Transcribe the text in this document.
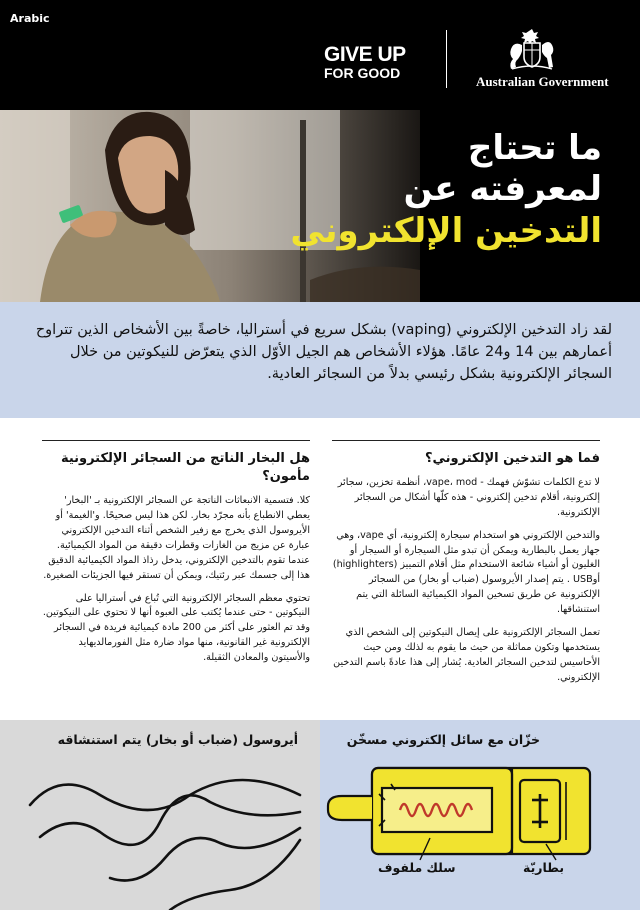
Arabic
GIVE UP
FOR GOOD
Australian Government
ما تحتاج
لمعرفته عن
التدخين الإلكتروني

لقد زاد التدخين الإلكتروني (vaping) بشكل سريع في أستراليا، خاصةً بين الأشخاص الذين تتراوح أعمارهم بين 14 و24 عامًا. هؤلاء الأشخاص هم الجيل الأوّل الذي يتعرّض للنيكوتين من خلال السجائر الإلكترونية بشكل رئيسي بدلاً من السجائر العادية.

فما هو التدخين الإلكتروني؟

لا تدع الكلمات تشوّش فهمك - vape، mod، أنظمة تخزين، سجائر إلكترونية، أقلام تدخين إلكتروني - هذه كلّها أشكال من السجائر الإلكترونية.

والتدخين الإلكتروني هو استخدام سيجارة إلكترونية، أي vape، وهي جهاز يعمل بالبطارية ويمكن أن تبدو مثل السيجارة أو السيجار أو الغليون أو أشياء شائعة الاستخدام مثل أقلام التمييز (highlighters) أوUSB . يتم إصدار الأيروسول (ضباب أو بخار) من السجائر الإلكترونية عن طريق تسخين المواد الكيميائية السائلة التي يتم استنشاقها.

تعمل السجائر الإلكترونية على إيصال النيكوتين إلى الشخص الذي يستخدمها وتكون مماثلة من حيث ما يقوم به لذلك ومن حيث الأحاسيس لتدخين السجائر العادية. يُشار إلى هذا عادةً باسم التدخين الإلكتروني.

هل البخار الناتج من السجائر الإلكترونية مأمون؟

كلا. فتسمية الانبعاثات الناتجة عن السجائر الإلكترونية بـ 'البخار' يعطي الانطباع بأنه مجرّد بخار. لكن هذا ليس صحيحًا. و'الغيمة' أو الأيروسول الذي يخرج مع زفير الشخص أثناء التدخين الإلكتروني عبارة عن مزيج من الغازات وقطرات دقيقة من المواد الكيميائية. عندما تقوم بالتدخين الإلكتروني، يدخل رذاذ المواد الكيميائية الدقيق هذا إلى جسمك عبر رئتيك، ويمكن أن تستقر فيها الجزيئات الصغيرة.

تحتوي معظم السجائر الإلكترونية التي تُباع في أستراليا على النيكوتين - حتى عندما يُكتب على العبوة أنها لا تحتوي على النيكوتين. وقد تم العثور على أكثر من 200 مادة كيميائية فريدة في السجائر الإلكترونية غير القانونية، منها مواد ضارة مثل الفورمالديهايد والأسيتون والمعادن الثقيلة.

أيروسول (ضباب أو بخار) يتم استنشاقه	خزّان مع سائل إلكتروني مسخّن
سلك ملفوف	بطاريّة
